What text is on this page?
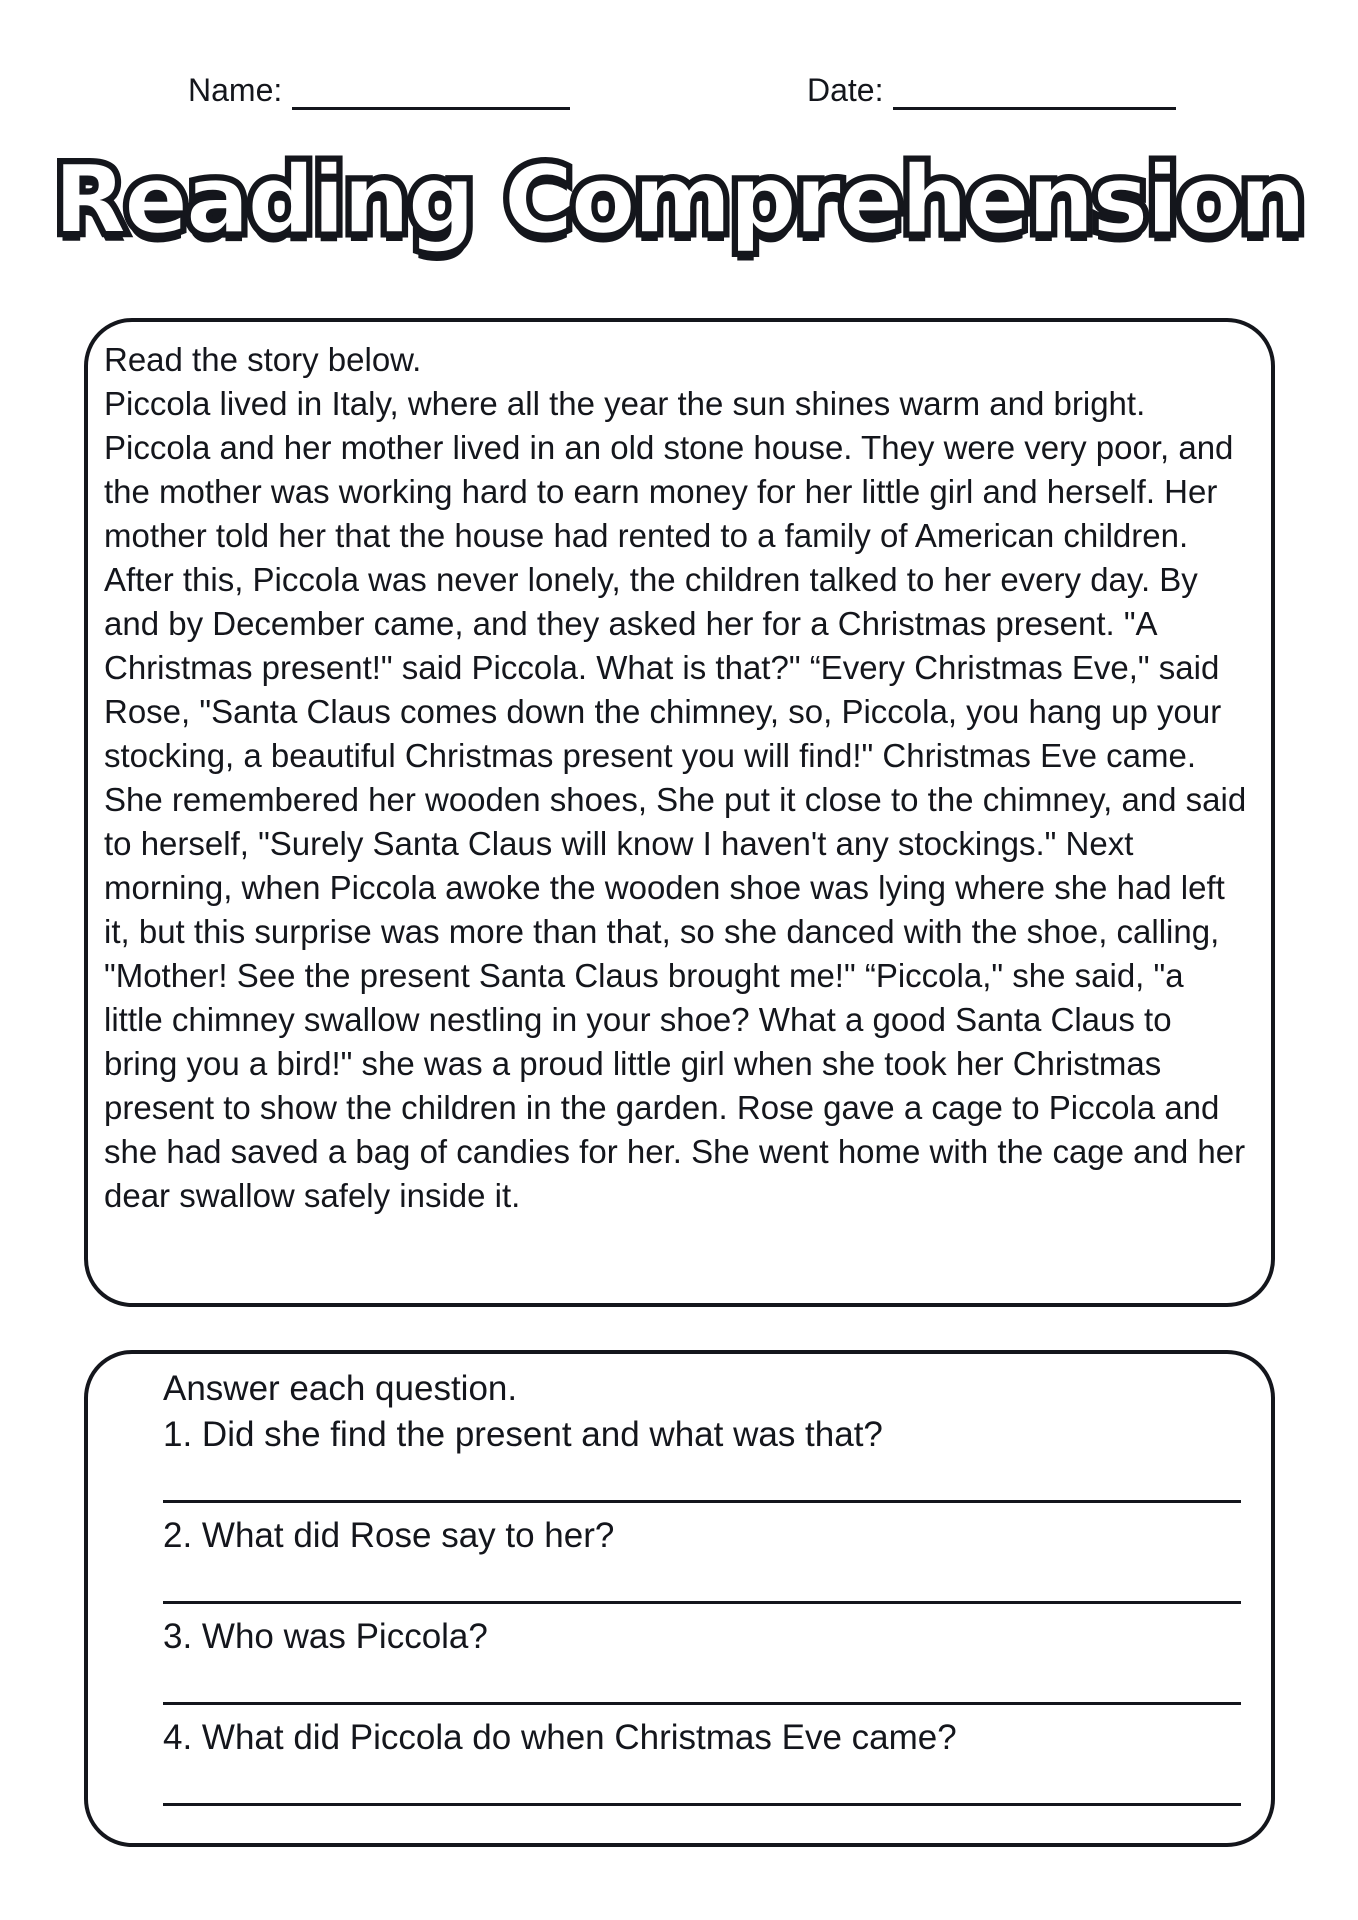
Name:	Date:
Reading Comprehension Reading Comprehension

Read the story below.

Piccola lived in Italy, where all the year the sun shines warm and bright. Piccola and her mother lived in an old stone house. They were very poor, and the mother was working hard to earn money for her little girl and herself. Her mother told her that the house had rented to a family of American children. After this, Piccola was never lonely, the children talked to her every day. By and by December came, and they asked her for a Christmas present. "A Christmas present!" said Piccola. What is that?" “Every Christmas Eve," said Rose, "Santa Claus comes down the chimney, so, Piccola, you hang up your stocking, a beautiful Christmas present you will find!" Christmas Eve came. She remembered her wooden shoes, She put it close to the chimney, and said to herself, "Surely Santa Claus will know I haven't any stockings." Next morning, when Piccola awoke the wooden shoe was lying where she had left it, but this surprise was more than that, so she danced with the shoe, calling, "Mother! See the present Santa Claus brought me!" “Piccola," she said, "a little chimney swallow nestling in your shoe? What a good Santa Claus to bring you a bird!" she was a proud little girl when she took her Christmas present to show the children in the garden. Rose gave a cage to Piccola and she had saved a bag of candies for her. She went home with the cage and her dear swallow safely inside it.

Answer each question.

1. Did she find the present and what was that?

2. What did Rose say to her?

3. Who was Piccola?

4. What did Piccola do when Christmas Eve came?
